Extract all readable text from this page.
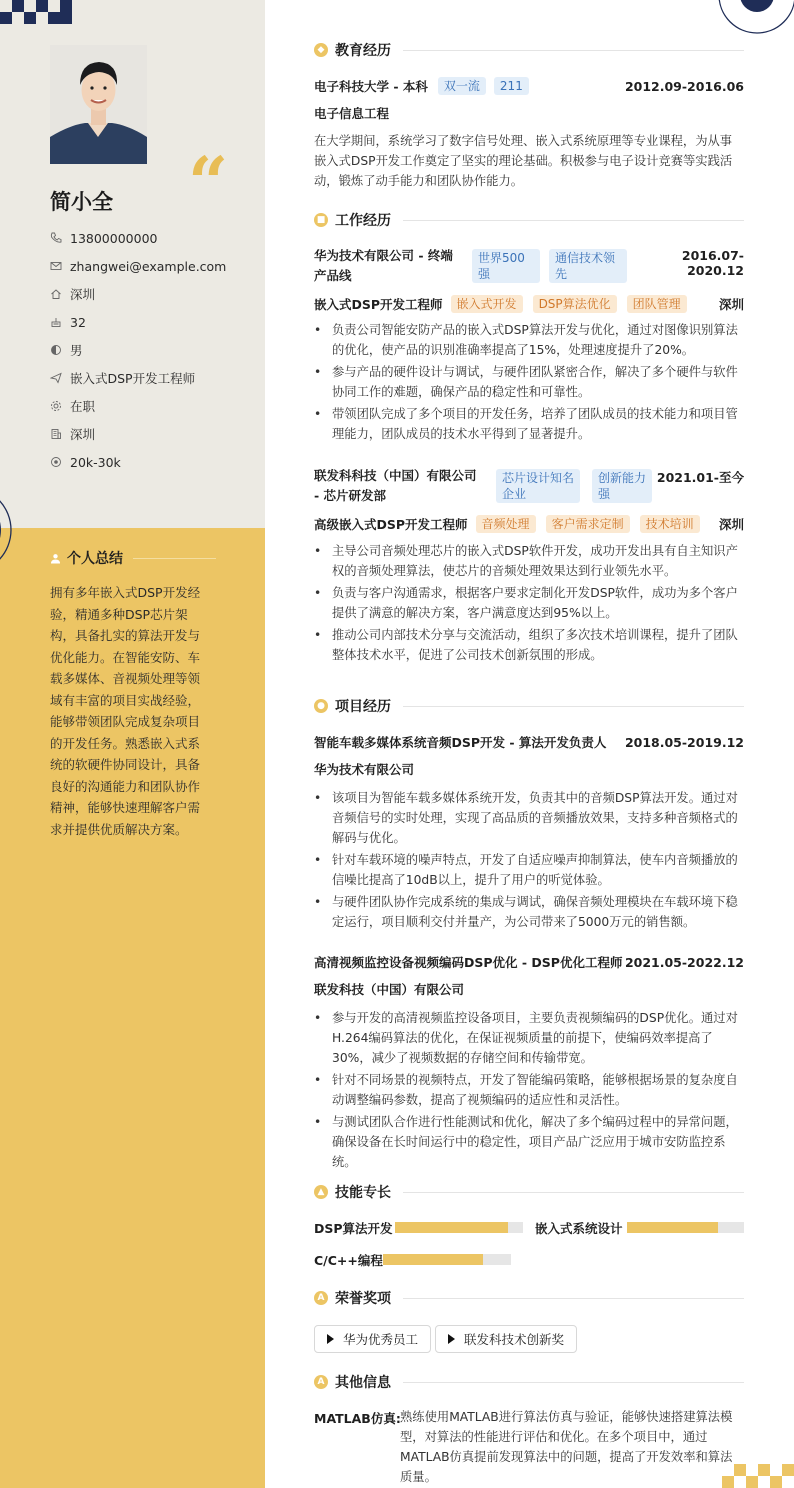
“
简小全
13800000000
zhangwei@example.com
深圳
32
男
嵌入式DSP开发工程师
在职
深圳
20k-30k
个人总结
拥有多年嵌入式DSP开发经验，精通多种DSP芯片架构，具备扎实的算法开发与优化能力。在智能安防、车载多媒体、音视频处理等领域有丰富的项目实战经验，能够带领团队完成复杂项目的开发任务。熟悉嵌入式系统的软硬件协同设计，具备良好的沟通能力和团队协作精神，能够快速理解客户需求并提供优质解决方案。
◆ 教育经历
电子科技大学 - 本科	双一流	211	2012.09-2016.06
电子信息工程
在大学期间，系统学习了数字信号处理、嵌入式系统原理等专业课程，为从事嵌入式DSP开发工作奠定了坚实的理论基础。积极参与电子设计竞赛等实践活动，锻炼了动手能力和团队协作能力。
■ 工作经历
华为技术有限公司 - 终端产品线
世界500强
通信技术领先
2016.07-2020.12
嵌入式DSP开发工程师	嵌入式开发	DSP算法优化	团队管理	深圳
• 负责公司智能安防产品的嵌入式DSP算法开发与优化，通过对图像识别算法的优化，使产品的识别准确率提高了15%，处理速度提升了20%。
• 参与产品的硬件设计与调试，与硬件团队紧密合作，解决了多个硬件与软件协同工作的难题，确保产品的稳定性和可靠性。
• 带领团队完成了多个项目的开发任务，培养了团队成员的技术能力和项目管理能力，团队成员的技术水平得到了显著提升。
联发科科技（中国）有限公司 - 芯片研发部
芯片设计知名企业
创新能力强
2021.01-至今
高级嵌入式DSP开发工程师	音频处理	客户需求定制	技术培训	深圳
• 主导公司音频处理芯片的嵌入式DSP软件开发，成功开发出具有自主知识产权的音频处理算法，使芯片的音频处理效果达到行业领先水平。
• 负责与客户沟通需求，根据客户要求定制化开发DSP软件，成功为多个客户提供了满意的解决方案，客户满意度达到95%以上。
• 推动公司内部技术分享与交流活动，组织了多次技术培训课程，提升了团队整体技术水平，促进了公司技术创新氛围的形成。
● 项目经历
智能车载多媒体系统音频DSP开发 - 算法开发负责人 2018.05-2019.12
华为技术有限公司
• 该项目为智能车载多媒体系统开发，负责其中的音频DSP算法开发。通过对音频信号的实时处理，实现了高品质的音频播放效果，支持多种音频格式的解码与优化。
• 针对车载环境的噪声特点，开发了自适应噪声抑制算法，使车内音频播放的信噪比提高了10dB以上，提升了用户的听觉体验。
• 与硬件团队协作完成系统的集成与调试，确保音频处理模块在车载环境下稳定运行，项目顺利交付并量产，为公司带来了5000万元的销售额。
高清视频监控设备视频编码DSP优化 - DSP优化工程师 2021.05-2022.12
联发科技（中国）有限公司
• 参与开发的高清视频监控设备项目，主要负责视频编码的DSP优化。通过对H.264编码算法的优化，在保证视频质量的前提下，使编码效率提高了30%，减少了视频数据的存储空间和传输带宽。
• 针对不同场景的视频特点，开发了智能编码策略，能够根据场景的复杂度自动调整编码参数，提高了视频编码的适应性和灵活性。
• 与测试团队合作进行性能测试和优化，解决了多个编码过程中的异常问题，确保设备在长时间运行中的稳定性，项目产品广泛应用于城市安防监控系统。
▲ 技能专长
DSP算法开发	嵌入式系统设计
C/C++编程
A 荣誉奖项
华为优秀员工	联发科技术创新奖
A 其他信息
MATLAB仿真: 熟练使用MATLAB进行算法仿真与验证，能够快速搭建算法模型，对算法的性能进行评估和优化。在多个项目中，通过MATLAB仿真提前发现算法中的问题，提高了开发效率和算法质量。
